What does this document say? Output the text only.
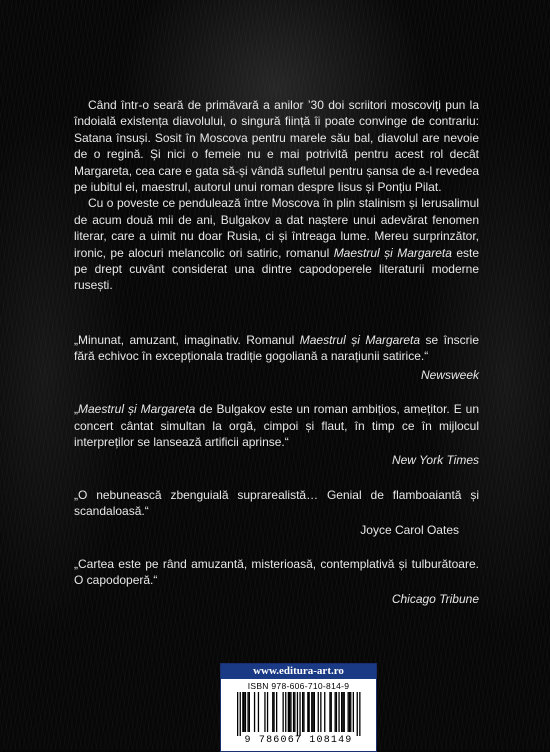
Când într-o seară de primăvară a anilor ’30 doi scriitori moscoviți pun la îndoială existența diavolului, o singură ființă îi poate convinge de contrariu: Satana însuși. Sosit în Moscova pentru marele său bal, diavolul are nevoie de o regină. Și nici o femeie nu e mai potrivită pentru acest rol decât Margareta, cea care e gata să-și vândă sufletul pentru șansa de a-l revedea pe iubitul ei, maestrul, autorul unui roman despre Iisus și Ponțiu Pilat.

Cu o poveste ce pendulează între Moscova în plin stalinism și Ierusalimul de acum două mii de ani, Bulgakov a dat naștere unui adevărat fenomen literar, care a uimit nu doar Rusia, ci și întreaga lume. Mereu surprinzător, ironic, pe alocuri melancolic ori satiric, romanul Maestrul și Margareta este pe drept cuvânt considerat una dintre capodoperele literaturii moderne rusești.

„Minunat, amuzant, imaginativ. Romanul Maestrul și Margareta se înscrie fără echivoc în excepționala tradiție gogoliană a narațiunii satirice.“

Newsweek

„Maestrul și Margareta de Bulgakov este un roman ambițios, amețitor. E un concert cântat simultan la orgă, cimpoi și flaut, în timp ce în mijlocul interpreților se lansează artificii aprinse.“

New York Times

„O nebunească zbenguială suprarealistă… Genial de flamboaiantă și scandaloasă.“

Joyce Carol Oates

„Cartea este pe rând amuzantă, misterioasă, contemplativă și tulburătoare. O capodoperă.“

Chicago Tribune

www.editura-art.ro
ISBN 978-606-710-814-9
9 786067 108149
